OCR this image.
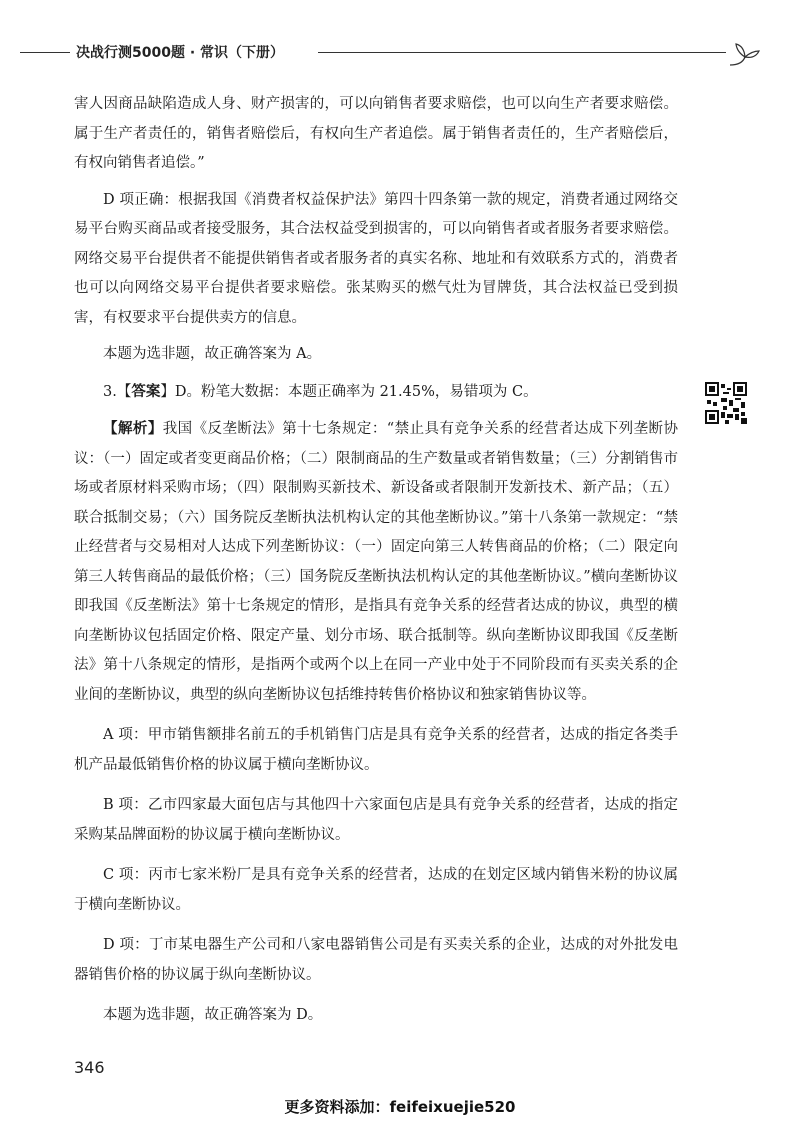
决战行测5000题 · 常识（下册）

害人因商品缺陷造成人身、财产损害的，可以向销售者要求赔偿，也可以向生产者要求赔偿。属于生产者责任的，销售者赔偿后，有权向生产者追偿。属于销售者责任的，生产者赔偿后，有权向销售者追偿。”

D 项正确：根据我国《消费者权益保护法》第四十四条第一款的规定，消费者通过网络交易平台购买商品或者接受服务，其合法权益受到损害的，可以向销售者或者服务者要求赔偿。网络交易平台提供者不能提供销售者或者服务者的真实名称、地址和有效联系方式的，消费者也可以向网络交易平台提供者要求赔偿。张某购买的燃气灶为冒牌货，其合法权益已受到损害，有权要求平台提供卖方的信息。

本题为选非题，故正确答案为 A。

3.【答案】D。粉笔大数据：本题正确率为 21.45%，易错项为 C。

【解析】我国《反垄断法》第十七条规定：“禁止具有竞争关系的经营者达成下列垄断协议：（一）固定或者变更商品价格；（二）限制商品的生产数量或者销售数量；（三）分割销售市场或者原材料采购市场；（四）限制购买新技术、新设备或者限制开发新技术、新产品；（五）联合抵制交易；（六）国务院反垄断执法机构认定的其他垄断协议。”第十八条第一款规定：“禁止经营者与交易相对人达成下列垄断协议：（一）固定向第三人转售商品的价格；（二）限定向第三人转售商品的最低价格；（三）国务院反垄断执法机构认定的其他垄断协议。”横向垄断协议即我国《反垄断法》第十七条规定的情形，是指具有竞争关系的经营者达成的协议，典型的横向垄断协议包括固定价格、限定产量、划分市场、联合抵制等。纵向垄断协议即我国《反垄断法》第十八条规定的情形，是指两个或两个以上在同一产业中处于不同阶段而有买卖关系的企业间的垄断协议，典型的纵向垄断协议包括维持转售价格协议和独家销售协议等。

A 项：甲市销售额排名前五的手机销售门店是具有竞争关系的经营者，达成的指定各类手机产品最低销售价格的协议属于横向垄断协议。

B 项：乙市四家最大面包店与其他四十六家面包店是具有竞争关系的经营者，达成的指定采购某品牌面粉的协议属于横向垄断协议。

C 项：丙市七家米粉厂是具有竞争关系的经营者，达成的在划定区域内销售米粉的协议属于横向垄断协议。

D 项：丁市某电器生产公司和八家电器销售公司是有买卖关系的企业，达成的对外批发电器销售价格的协议属于纵向垄断协议。

本题为选非题，故正确答案为 D。

346
更多资料添加：feifeixuejie520
